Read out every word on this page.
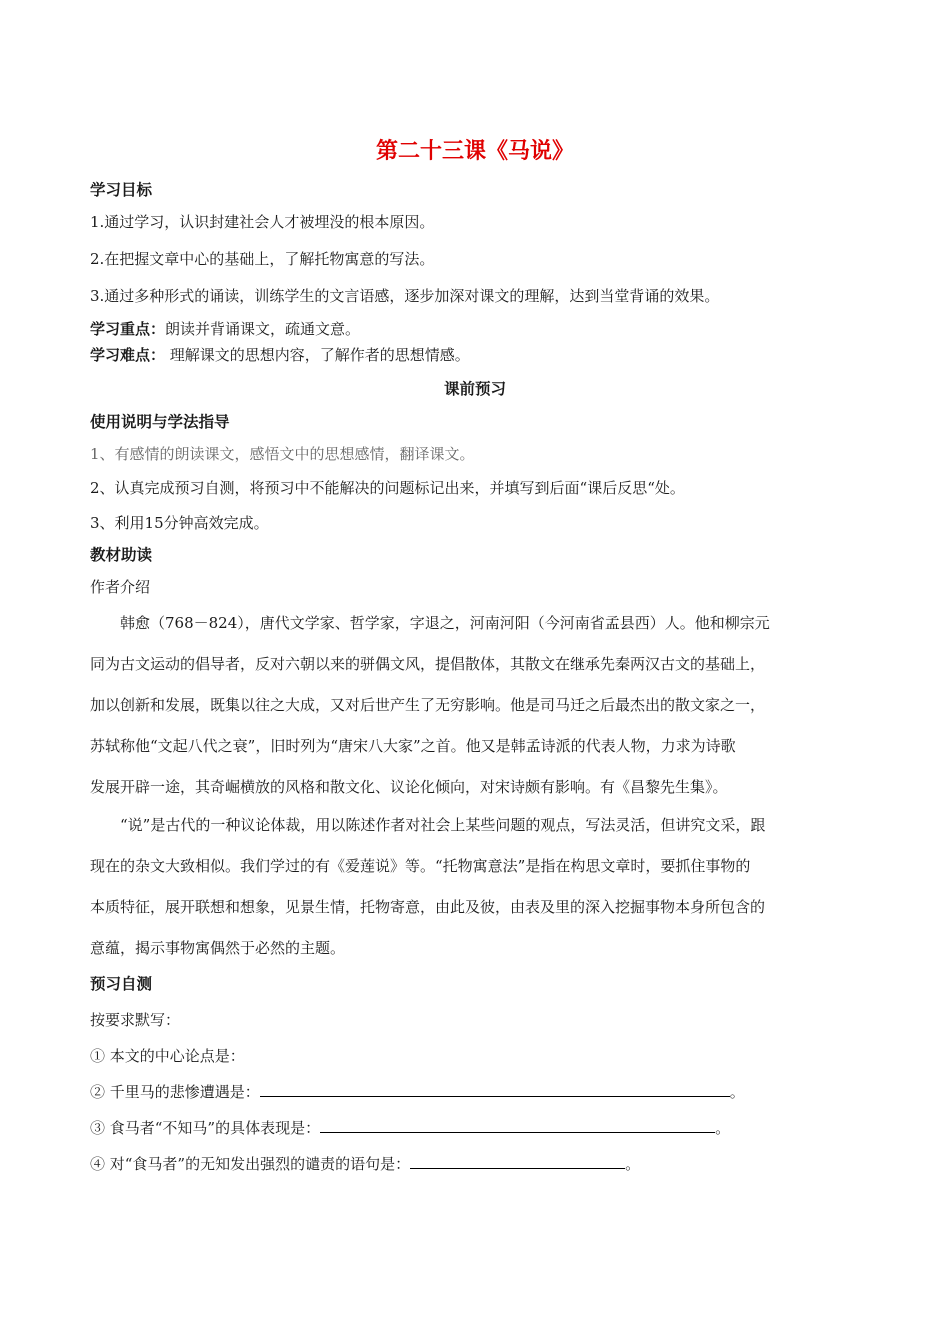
第二十三课《马说》
学习目标
1.通过学习，认识封建社会人才被埋没的根本原因。
2.在把握文章中心的基础上，了解托物寓意的写法。
3.通过多种形式的诵读，训练学生的文言语感，逐步加深对课文的理解，达到当堂背诵的效果。
学习重点：朗读并背诵课文，疏通文意。
学习难点： 理解课文的思想内容，了解作者的思想情感。
课前预习
使用说明与学法指导
1、有感情的朗读课文，感悟文中的思想感情，翻译课文。
2、认真完成预习自测，将预习中不能解决的问题标记出来，并填写到后面“课后反思“处。
3、利用15分钟高效完成。
教材助读
作者介绍
韩愈（768－824），唐代文学家、哲学家，字退之，河南河阳（今河南省孟县西）人。他和柳宗元
同为古文运动的倡导者，反对六朝以来的骈偶文风，提倡散体，其散文在继承先秦两汉古文的基础上，
加以创新和发展，既集以往之大成，又对后世产生了无穷影响。他是司马迁之后最杰出的散文家之一，
苏轼称他“文起八代之衰”，旧时列为“唐宋八大家”之首。他又是韩孟诗派的代表人物，力求为诗歌
发展开辟一途，其奇崛横放的风格和散文化、议论化倾向，对宋诗颇有影响。有《昌黎先生集》。
“说”是古代的一种议论体裁，用以陈述作者对社会上某些问题的观点，写法灵活，但讲究文采，跟
现在的杂文大致相似。我们学过的有《爱莲说》等。“托物寓意法”是指在构思文章时，要抓住事物的
本质特征，展开联想和想象，见景生情，托物寄意，由此及彼，由表及里的深入挖掘事物本身所包含的
意蕴，揭示事物寓偶然于必然的主题。
预习自测
按要求默写：
① 本文的中心论点是：
② 千里马的悲惨遭遇是：	。
③ 食马者“不知马”的具体表现是：	。
④ 对“食马者”的无知发出强烈的谴责的语句是：	。
